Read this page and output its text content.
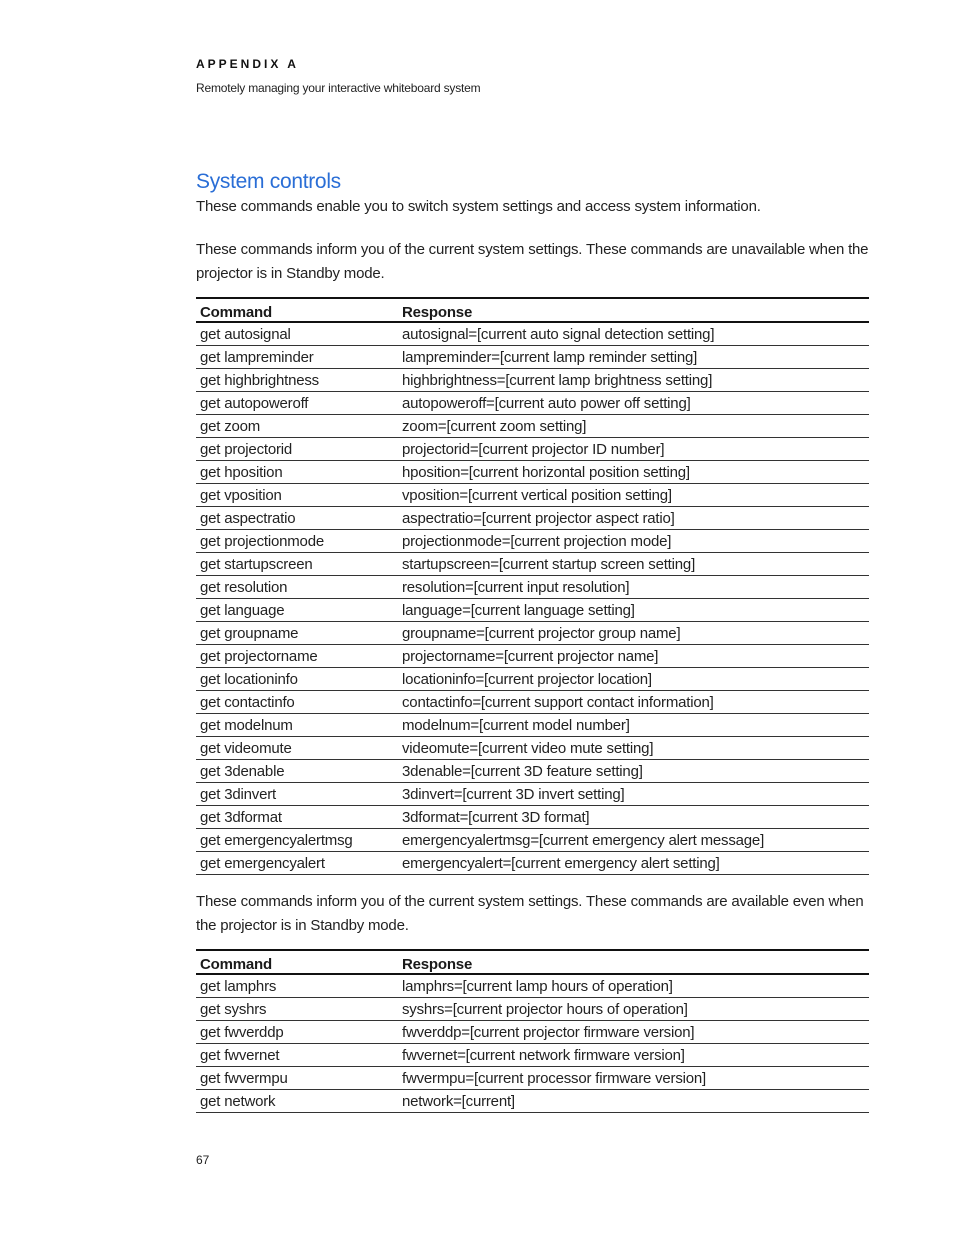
APPENDIX A
Remotely managing your interactive whiteboard system
System controls
These commands enable you to switch system settings and access system information.
These commands inform you of the current system settings. These commands are unavailable when the projector is in Standby mode.
Command	Response
get autosignal	autosignal=[current auto signal detection setting]
get lampreminder	lampreminder=[current lamp reminder setting]
get highbrightness	highbrightness=[current lamp brightness setting]
get autopoweroff	autopoweroff=[current auto power off setting]
get zoom	zoom=[current zoom setting]
get projectorid	projectorid=[current projector ID number]
get hposition	hposition=[current horizontal position setting]
get vposition	vposition=[current vertical position setting]
get aspectratio	aspectratio=[current projector aspect ratio]
get projectionmode	projectionmode=[current projection mode]
get startupscreen	startupscreen=[current startup screen setting]
get resolution	resolution=[current input resolution]
get language	language=[current language setting]
get groupname	groupname=[current projector group name]
get projectorname	projectorname=[current projector name]
get locationinfo	locationinfo=[current projector location]
get contactinfo	contactinfo=[current support contact information]
get modelnum	modelnum=[current model number]
get videomute	videomute=[current video mute setting]
get 3denable	3denable=[current 3D feature setting]
get 3dinvert	3dinvert=[current 3D invert setting]
get 3dformat	3dformat=[current 3D format]
get emergencyalertmsg	emergencyalertmsg=[current emergency alert message]
get emergencyalert	emergencyalert=[current emergency alert setting]
These commands inform you of the current system settings. These commands are available even when the projector is in Standby mode.
Command	Response
get lamphrs	lamphrs=[current lamp hours of operation]
get syshrs	syshrs=[current projector hours of operation]
get fwverddp	fwverddp=[current projector firmware version]
get fwvernet	fwvernet=[current network firmware version]
get fwvermpu	fwvermpu=[current processor firmware version]
get network	network=[current]
67
